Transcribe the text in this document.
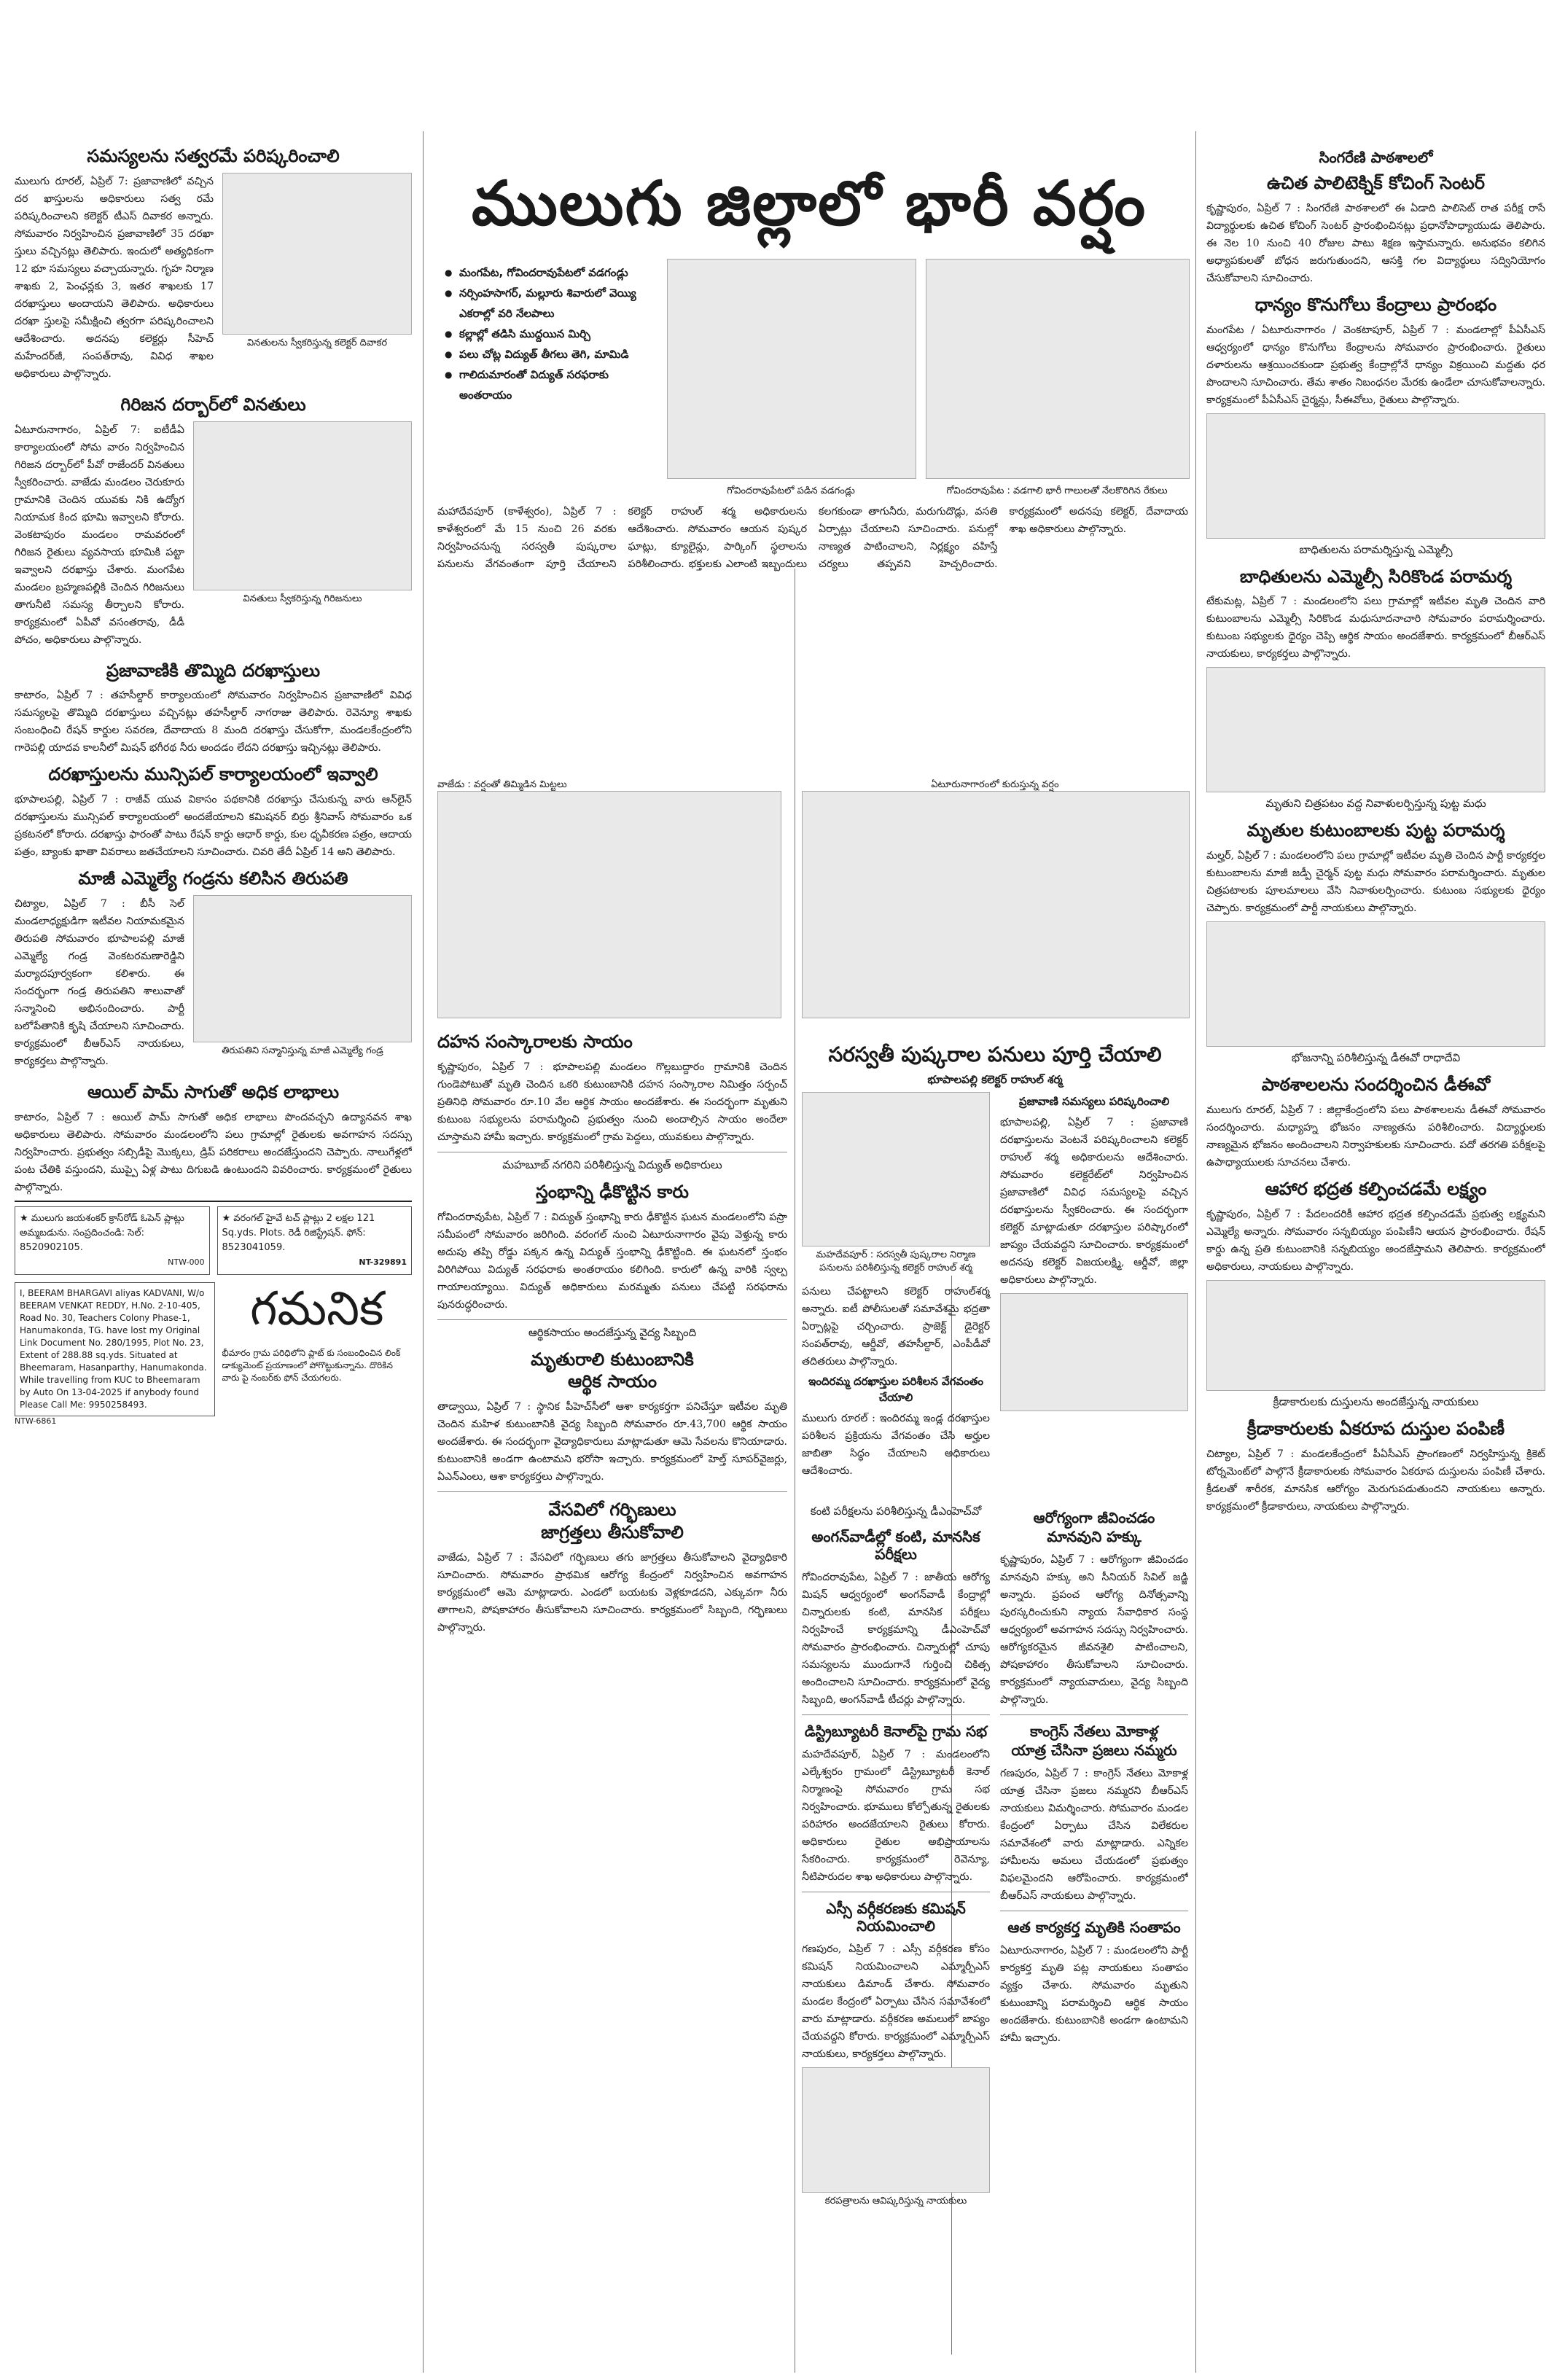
ములుగు జిల్లాలో భారీ వర్షం
● మంగపేట, గోవిందరావుపేటలో వడగండ్లు
● నర్సింహసాగర్, మల్లూరు శివారులో వెయ్యి ఎకరాల్లో వరి నేలపాలు
● కల్లాల్లో తడిసి ముద్దయిన మిర్చి
● పలు చోట్ల విద్యుత్ తీగలు తెగి, మామిడి
● గాలిదుమారంతో విద్యుత్ సరఫరాకు అంతరాయం
గోవిందరావుపేటలో పడిన వడగండ్లు	గోవిందరావుపేట : వడగాలి భారీ గాలులతో నేలకొరిగిన రేకులు
మహాదేవపూర్ (కాళేశ్వరం), ఏప్రిల్ 7 : కాళేశ్వరంలో మే 15 నుంచి 26 వరకు నిర్వహించనున్న సరస్వతీ పుష్కరాల పనులను వేగవంతంగా పూర్తి చేయాలని కలెక్టర్ రాహుల్ శర్మ అధికారులను ఆదేశించారు. సోమవారం ఆయన పుష్కర ఘాట్లు, క్యూలైన్లు, పార్కింగ్ స్థలాలను పరిశీలించారు. భక్తులకు ఎలాంటి ఇబ్బందులు కలగకుండా తాగునీరు, మరుగుదొడ్లు, వసతి ఏర్పాట్లు చేయాలని సూచించారు. పనుల్లో నాణ్యత పాటించాలని, నిర్లక్ష్యం వహిస్తే చర్యలు తప్పవని హెచ్చరించారు. కార్యక్రమంలో అదనపు కలెక్టర్, దేవాదాయ శాఖ అధికారులు పాల్గొన్నారు.
వాజేడు : వర్షంతో తిమ్మిడిన మిట్టలు	ఏటూరునాగారంలో కురుస్తున్న వర్షం
సమస్యలను సత్వరమే పరిష్కరించాలి

ములుగు రూరల్, ఏప్రిల్ 7: ప్రజావాణిలో వచ్చిన దర ఖాస్తులను అధికారులు సత్వ రమే పరిష్కరించాలని కలెక్టర్ టీఎస్ దివాకర అన్నారు. సోమవారం నిర్వహించిన ప్రజావాణిలో 35 దరఖా స్తులు వచ్చినట్లు తెలిపారు. ఇందులో అత్యధికంగా 12 భూ సమస్యలు వచ్చాయన్నారు. గృహ నిర్మాణ శాఖకు 2, పెంఛన్లకు 3, ఇతర శాఖలకు 17 దరఖాస్తులు అందాయని తెలిపారు. అధికారులు దరఖా స్తులపై సమీక్షించి త్వరగా పరిష్కరించాలని ఆదేశించారు. అదనపు కలెక్టర్లు సీహెచ్ మహేందర్‌జీ, సంపత్‌రావు, వివిధ శాఖల అధికారులు పాల్గొన్నారు.

వినతులను స్వీకరిస్తున్న కలెక్టర్ దివాకర
గిరిజన దర్బార్‌లో వినతులు

ఏటూరునాగారం, ఏప్రిల్ 7: ఐటీడీఏ కార్యాలయంలో సోమ వారం నిర్వహించిన గిరిజన దర్బార్‌లో పీవో రాజేందర్ వినతులు స్వీకరించారు. వాజేడు మండలం చెరుకూరు గ్రామానికి చెందిన యువకు నికి ఉద్యోగ నియామక కింద భూమి ఇవ్వాలని కోరారు. వెంకటాపురం మండలం రామవరంలో గిరిజన రైతులు వ్యవసాయ భూమికి పట్టా ఇవ్వాలని దరఖాస్తు చేశారు. మంగపేట మండలం బ్రహ్మణపల్లికి చెందిన గిరిజనులు తాగునీటి సమస్య తీర్చాలని కోరారు. కార్యక్రమంలో ఏపీవో వసంతరావు, డీడీ పోచం, అధికారులు పాల్గొన్నారు.

వినతులు స్వీకరిస్తున్న గిరిజనులు
ప్రజావాణికి తొమ్మిది దరఖాస్తులు

కాటారం, ఏప్రిల్ 7 : తహసీల్దార్ కార్యాలయంలో సోమవారం నిర్వహించిన ప్రజావాణిలో వివిధ సమస్యలపై తొమ్మిది దరఖాస్తులు వచ్చినట్లు తహసీల్దార్ నాగరాజు తెలిపారు. రెవెన్యూ శాఖకు సంబంధించి రేషన్ కార్డుల సవరణ, దేవాదాయ 8 మంది దరఖాస్తు చేసుకోగా, మండలకేంద్రంలోని గారెపల్లి యాదవ కాలనీలో మిషన్ భగీరథ నీరు అందడం లేదని దరఖాస్తు ఇచ్చినట్లు తెలిపారు.

దరఖాస్తులను మున్సిపల్ కార్యాలయంలో ఇవ్వాలి

భూపాలపల్లి, ఏప్రిల్ 7 : రాజీవ్ యువ వికాసం పథకానికి దరఖాస్తు చేసుకున్న వారు ఆన్‌లైన్ దరఖాస్తులను మున్సిపల్ కార్యాలయంలో అందజేయాలని కమిషనర్ బిర్రు శ్రీనివాస్ సోమవారం ఒక ప్రకటనలో కోరారు. దరఖాస్తు ఫారంతో పాటు రేషన్ కార్డు ఆధార్ కార్డు, కుల ధృవీకరణ పత్రం, ఆదాయ పత్రం, బ్యాంకు ఖాతా వివరాలు జతచేయాలని సూచించారు. చివరి తేదీ ఏప్రిల్ 14 అని తెలిపారు.

మాజీ ఎమ్మెల్యే గండ్రను కలిసిన తిరుపతి

చిట్యాల, ఏప్రిల్ 7 : బీసీ సెల్ మండలాధ్యక్షుడిగా ఇటీవల నియామకమైన తిరుపతి సోమవారం భూపాలపల్లి మాజీ ఎమ్మెల్యే గండ్ర వెంకటరమణారెడ్డిని మర్యాదపూర్వకంగా కలిశారు. ఈ సందర్భంగా గండ్ర తిరుపతిని శాలువాతో సన్మానించి అభినందించారు. పార్టీ బలోపేతానికి కృషి చేయాలని సూచించారు. కార్యక్రమంలో బీఆర్‌ఎస్ నాయకులు, కార్యకర్తలు పాల్గొన్నారు.

తిరుపతిని సన్మానిస్తున్న మాజీ ఎమ్మెల్యే గండ్ర
ఆయిల్ పామ్ సాగుతో అధిక లాభాలు

కాటారం, ఏప్రిల్ 7 : ఆయిల్ పామ్ సాగుతో అధిక లాభాలు పొందవచ్చని ఉద్యానవన శాఖ అధికారులు తెలిపారు. సోమవారం మండలంలోని పలు గ్రామాల్లో రైతులకు అవగాహన సదస్సు నిర్వహించారు. ప్రభుత్వం సబ్సిడీపై మొక్కలు, డ్రిప్ పరికరాలు అందజేస్తుందని చెప్పారు. నాలుగేళ్లలో పంట చేతికి వస్తుందని, ముప్పై ఏళ్ల పాటు దిగుబడి ఉంటుందని వివరించారు. కార్యక్రమంలో రైతులు పాల్గొన్నారు.

★ ములుగు జయశంకర్ క్రాస్‌రోడ్ ఓపెన్ ప్లాట్లు అమ్మబడును. సంప్రదించండి: సెల్: 8520902105.
NTW-000
★ వరంగల్ హైవే టచ్ ప్లాట్లు 2 లక్షల 121 Sq.yds. Plots. రెడీ రిజిస్ట్రేషన్. ఫోన్: 8523041059.
NT-329891
I, BEERAM BHARGAVI aliyas KADVANI, W/o BEERAM VENKAT REDDY, H.No. 2-10-405, Road No. 30, Teachers Colony Phase-1, Hanumakonda, TG. have lost my Original Link Document No. 280/1995, Plot No. 23, Extent of 288.88 sq.yds. Situated at Bheemaram, Hasanparthy, Hanumakonda. While travelling from KUC to Bheemaram by Auto On 13-04-2025 if anybody found Please Call Me: 9950258493.
గమనిక
భీమారం గ్రామ పరిధిలోని ప్లాట్ కు సంబంధించిన లింక్ డాక్యుమెంట్ ప్రయాణంలో పోగొట్టుకున్నాను. దొరికిన వారు పై నంబర్‌కు ఫోన్ చేయగలరు.
NTW-6861
దహన సంస్కారాలకు సాయం

కృష్ణాపురం, ఏప్రిల్ 7 : భూపాలపల్లి మండలం గొల్లబుద్దారం గ్రామానికి చెందిన గుండెపోటుతో మృతి చెందిన ఒకరి కుటుంబానికి దహన సంస్కారాల నిమిత్తం సర్పంచ్ ప్రతినిధి సోమవారం రూ.10 వేల ఆర్థిక సాయం అందజేశారు. ఈ సందర్భంగా మృతుని కుటుంబ సభ్యులను పరామర్శించి ప్రభుత్వం నుంచి అందాల్సిన సాయం అందేలా చూస్తామని హామీ ఇచ్చారు. కార్యక్రమంలో గ్రామ పెద్దలు, యువకులు పాల్గొన్నారు.

మహబూబ్ నగరిని పరిశీలిస్తున్న విద్యుత్ అధికారులు
స్తంభాన్ని ఢీకొట్టిన కారు

గోవిందరావుపేట, ఏప్రిల్ 7 : విద్యుత్ స్తంభాన్ని కారు ఢీకొట్టిన ఘటన మండలంలోని పస్రా సమీపంలో సోమవారం జరిగింది. వరంగల్ నుంచి ఏటూరునాగారం వైపు వెళ్తున్న కారు అదుపు తప్పి రోడ్డు పక్కన ఉన్న విద్యుత్ స్తంభాన్ని ఢీకొట్టింది. ఈ ఘటనలో స్తంభం విరిగిపోయి విద్యుత్ సరఫరాకు అంతరాయం కలిగింది. కారులో ఉన్న వారికి స్వల్ప గాయాలయ్యాయి. విద్యుత్ అధికారులు మరమ్మతు పనులు చేపట్టి సరఫరాను పునరుద్ధరించారు.

ఆర్థికసాయం అందజేస్తున్న వైద్య సిబ్బంది
మృతురాలి కుటుంబానికి
ఆర్థిక సాయం

తాడ్వాయి, ఏప్రిల్ 7 : స్థానిక పీహెచ్‌సీలో ఆశా కార్యకర్తగా పనిచేస్తూ ఇటీవల మృతి చెందిన మహిళ కుటుంబానికి వైద్య సిబ్బంది సోమవారం రూ.43,700 ఆర్థిక సాయం అందజేశారు. ఈ సందర్భంగా వైద్యాధికారులు మాట్లాడుతూ ఆమె సేవలను కొనియాడారు. కుటుంబానికి అండగా ఉంటామని భరోసా ఇచ్చారు. కార్యక్రమంలో హెల్త్ సూపర్‌వైజర్లు, ఏఎన్‌ఎంలు, ఆశా కార్యకర్తలు పాల్గొన్నారు.

వేసవిలో గర్భిణులు
జాగ్రత్తలు తీసుకోవాలి

వాజేడు, ఏప్రిల్ 7 : వేసవిలో గర్భిణులు తగు జాగ్రత్తలు తీసుకోవాలని వైద్యాధికారి సూచించారు. సోమవారం ప్రాథమిక ఆరోగ్య కేంద్రంలో నిర్వహించిన అవగాహన కార్యక్రమంలో ఆమె మాట్లాడారు. ఎండలో బయటకు వెళ్లకూడదని, ఎక్కువగా నీరు తాగాలని, పోషకాహారం తీసుకోవాలని సూచించారు. కార్యక్రమంలో సిబ్బంది, గర్భిణులు పాల్గొన్నారు.

సరస్వతీ పుష్కరాల పనులు పూర్తి చేయాలి
భూపాలపల్లి కలెక్టర్ రాహుల్ శర్మ
మహదేవపూర్ : సరస్వతీ పుష్కరాల నిర్మాణ పనులను పరిశీలిస్తున్న కలెక్టర్ రాహుల్ శర్మ

పనులు చేపట్టాలని కలెక్టర్ రాహుల్‌శర్మ అన్నారు. ఐటీ పోలీసులతో సమావేశమై భద్రతా ఏర్పాట్లపై చర్చించారు. ప్రాజెక్ట్ డైరెక్టర్ సంపత్‌రావు, ఆర్డీవో, తహసీల్దార్, ఎంపీడీవో తదితరులు పాల్గొన్నారు.

ఇందిరమ్మ దరఖాస్తుల పరిశీలన వేగవంతం చేయాలి

ములుగు రూరల్ : ఇందిరమ్మ ఇండ్ల దరఖాస్తుల పరిశీలన ప్రక్రియను వేగవంతం చేసి అర్హుల జాబితా సిద్ధం చేయాలని అధికారులు ఆదేశించారు.

ప్రజావాణి సమస్యలు పరిష్కరించాలి

భూపాలపల్లి, ఏప్రిల్ 7 : ప్రజావాణి దరఖాస్తులను వెంటనే పరిష్కరించాలని కలెక్టర్ రాహుల్ శర్మ అధికారులను ఆదేశించారు. సోమవారం కలెక్టరేట్‌లో నిర్వహించిన ప్రజావాణిలో వివిధ సమస్యలపై వచ్చిన దరఖాస్తులను స్వీకరించారు. ఈ సందర్భంగా కలెక్టర్ మాట్లాడుతూ దరఖాస్తుల పరిష్కారంలో జాప్యం చేయవద్దని సూచించారు. కార్యక్రమంలో అదనపు కలెక్టర్ విజయలక్ష్మి, ఆర్డీవో, జిల్లా అధికారులు పాల్గొన్నారు.

కంటి పరీక్షలను పరిశీలిస్తున్న డీఎంహెచ్‌వో
అంగన్‌వాడీల్లో కంటి, మానసిక పరీక్షలు

గోవిందరావుపేట, ఏప్రిల్ 7 : జాతీయ ఆరోగ్య మిషన్ ఆధ్వర్యంలో అంగన్‌వాడీ కేంద్రాల్లో చిన్నారులకు కంటి, మానసిక పరీక్షలు నిర్వహించే కార్యక్రమాన్ని డీఎంహెచ్‌వో సోమవారం ప్రారంభించారు. చిన్నారుల్లో చూపు సమస్యలను ముందుగానే గుర్తించి చికిత్స అందించాలని సూచించారు. కార్యక్రమంలో వైద్య సిబ్బంది, అంగన్‌వాడీ టీచర్లు పాల్గొన్నారు.

డిస్ట్రిబ్యూటరీ కెనాల్‌పై గ్రామ సభ

మహదేవపూర్, ఏప్రిల్ 7 : మండలంలోని ఎల్కేశ్వరం గ్రామంలో డిస్ట్రిబ్యూటరీ కెనాల్ నిర్మాణంపై సోమవారం గ్రామ సభ నిర్వహించారు. భూములు కోల్పోతున్న రైతులకు పరిహారం అందజేయాలని రైతులు కోరారు. అధికారులు రైతుల అభిప్రాయాలను సేకరించారు. కార్యక్రమంలో రెవెన్యూ, నీటిపారుదల శాఖ అధికారులు పాల్గొన్నారు.

ఎస్సీ వర్గీకరణకు కమిషన్ నియమించాలి

గణపురం, ఏప్రిల్ 7 : ఎస్సీ వర్గీకరణ కోసం కమిషన్ నియమించాలని ఎమ్మార్పీఎస్ నాయకులు డిమాండ్ చేశారు. సోమవారం మండల కేంద్రంలో ఏర్పాటు చేసిన సమావేశంలో వారు మాట్లాడారు. వర్గీకరణ అమలులో జాప్యం చేయవద్దని కోరారు. కార్యక్రమంలో ఎమ్మార్పీఎస్ నాయకులు, కార్యకర్తలు పాల్గొన్నారు.

కరపత్రాలను ఆవిష్కరిస్తున్న నాయకులు
ఆరోగ్యంగా జీవించడం
మానవుని హక్కు

కృష్ణాపురం, ఏప్రిల్ 7 : ఆరోగ్యంగా జీవించడం మానవుని హక్కు అని సీనియర్ సివిల్ జడ్జి అన్నారు. ప్రపంచ ఆరోగ్య దినోత్సవాన్ని పురస్కరించుకుని న్యాయ సేవాధికార సంస్థ ఆధ్వర్యంలో అవగాహన సదస్సు నిర్వహించారు. ఆరోగ్యకరమైన జీవనశైలి పాటించాలని, పోషకాహారం తీసుకోవాలని సూచించారు. కార్యక్రమంలో న్యాయవాదులు, వైద్య సిబ్బంది పాల్గొన్నారు.

కాంగ్రెస్ నేతలు మోకాళ్ల
యాత్ర చేసినా ప్రజలు నమ్మరు

గణపురం, ఏప్రిల్ 7 : కాంగ్రెస్ నేతలు మోకాళ్ల యాత్ర చేసినా ప్రజలు నమ్మరని బీఆర్‌ఎస్ నాయకులు విమర్శించారు. సోమవారం మండల కేంద్రంలో ఏర్పాటు చేసిన విలేకరుల సమావేశంలో వారు మాట్లాడారు. ఎన్నికల హామీలను అమలు చేయడంలో ప్రభుత్వం విఫలమైందని ఆరోపించారు. కార్యక్రమంలో బీఆర్‌ఎస్ నాయకులు పాల్గొన్నారు.

ఆత కార్యకర్త మృతికి సంతాపం

ఏటూరునాగారం, ఏప్రిల్ 7 : మండలంలోని పార్టీ కార్యకర్త మృతి పట్ల నాయకులు సంతాపం వ్యక్తం చేశారు. సోమవారం మృతుని కుటుంబాన్ని పరామర్శించి ఆర్థిక సాయం అందజేశారు. కుటుంబానికి అండగా ఉంటామని హామీ ఇచ్చారు.

సింగరేణి పాఠశాలలో
ఉచిత పాలిటెక్నిక్ కోచింగ్ సెంటర్

కృష్ణాపురం, ఏప్రిల్ 7 : సింగరేణి పాఠశాలలో ఈ ఏడాది పాలిసెట్ రాత పరీక్ష రాసే విద్యార్థులకు ఉచిత కోచింగ్ సెంటర్ ప్రారంభించినట్లు ప్రధానోపాధ్యాయుడు తెలిపారు. ఈ నెల 10 నుంచి 40 రోజుల పాటు శిక్షణ ఇస్తామన్నారు. అనుభవం కలిగిన అధ్యాపకులతో బోధన జరుగుతుందని, ఆసక్తి గల విద్యార్థులు సద్వినియోగం చేసుకోవాలని సూచించారు.

ధాన్యం కొనుగోలు కేంద్రాలు ప్రారంభం

మంగపేట / ఏటూరునాగారం / వెంకటాపూర్, ఏప్రిల్ 7 : మండలాల్లో పీఏసీఎస్ ఆధ్వర్యంలో ధాన్యం కొనుగోలు కేంద్రాలను సోమవారం ప్రారంభించారు. రైతులు దళారులను ఆశ్రయించకుండా ప్రభుత్వ కేంద్రాల్లోనే ధాన్యం విక్రయించి మద్దతు ధర పొందాలని సూచించారు. తేమ శాతం నిబంధనల మేరకు ఉండేలా చూసుకోవాలన్నారు. కార్యక్రమంలో పీఏసీఎస్ చైర్మన్లు, సీఈవోలు, రైతులు పాల్గొన్నారు.

బాధితులను పరామర్శిస్తున్న ఎమ్మెల్సీ
బాధితులను ఎమ్మెల్సీ సిరికొండ పరామర్శ

టేకుమట్ల, ఏప్రిల్ 7 : మండలంలోని పలు గ్రామాల్లో ఇటీవల మృతి చెందిన వారి కుటుంబాలను ఎమ్మెల్సీ సిరికొండ మధుసూదనాచారి సోమవారం పరామర్శించారు. కుటుంబ సభ్యులకు ధైర్యం చెప్పి ఆర్థిక సాయం అందజేశారు. కార్యక్రమంలో బీఆర్‌ఎస్ నాయకులు, కార్యకర్తలు పాల్గొన్నారు.

మృతుని చిత్రపటం వద్ద నివాళులర్పిస్తున్న పుట్ట మధు
మృతుల కుటుంబాలకు పుట్ట పరామర్శ

మల్హర్, ఏప్రిల్ 7 : మండలంలోని పలు గ్రామాల్లో ఇటీవల మృతి చెందిన పార్టీ కార్యకర్తల కుటుంబాలను మాజీ జడ్పీ చైర్మన్ పుట్ట మధు సోమవారం పరామర్శించారు. మృతుల చిత్రపటాలకు పూలమాలలు వేసి నివాళులర్పించారు. కుటుంబ సభ్యులకు ధైర్యం చెప్పారు. కార్యక్రమంలో పార్టీ నాయకులు పాల్గొన్నారు.

భోజనాన్ని పరిశీలిస్తున్న డీఈవో రాధాదేవి
పాఠశాలలను సందర్శించిన డీఈవో

ములుగు రూరల్, ఏప్రిల్ 7 : జిల్లాకేంద్రంలోని పలు పాఠశాలలను డీఈవో సోమవారం సందర్శించారు. మధ్యాహ్న భోజనం నాణ్యతను పరిశీలించారు. విద్యార్థులకు నాణ్యమైన భోజనం అందించాలని నిర్వాహకులకు సూచించారు. పదో తరగతి పరీక్షలపై ఉపాధ్యాయులకు సూచనలు చేశారు.

ఆహార భద్రత కల్పించడమే లక్ష్యం

కృష్ణాపురం, ఏప్రిల్ 7 : పేదలందరికీ ఆహార భద్రత కల్పించడమే ప్రభుత్వ లక్ష్యమని ఎమ్మెల్యే అన్నారు. సోమవారం సన్నబియ్యం పంపిణీని ఆయన ప్రారంభించారు. రేషన్ కార్డు ఉన్న ప్రతి కుటుంబానికి సన్నబియ్యం అందజేస్తామని తెలిపారు. కార్యక్రమంలో అధికారులు, నాయకులు పాల్గొన్నారు.

క్రీడాకారులకు దుస్తులను అందజేస్తున్న నాయకులు
క్రీడాకారులకు ఏకరూప దుస్తుల పంపిణీ

చిట్యాల, ఏప్రిల్ 7 : మండలకేంద్రంలో పీఏసీఎస్ ప్రాంగణంలో నిర్వహిస్తున్న క్రికెట్ టోర్నమెంట్‌లో పాల్గొనే క్రీడాకారులకు సోమవారం ఏకరూప దుస్తులను పంపిణీ చేశారు. క్రీడలతో శారీరక, మానసిక ఆరోగ్యం మెరుగుపడుతుందని నాయకులు అన్నారు. కార్యక్రమంలో క్రీడాకారులు, నాయకులు పాల్గొన్నారు.
